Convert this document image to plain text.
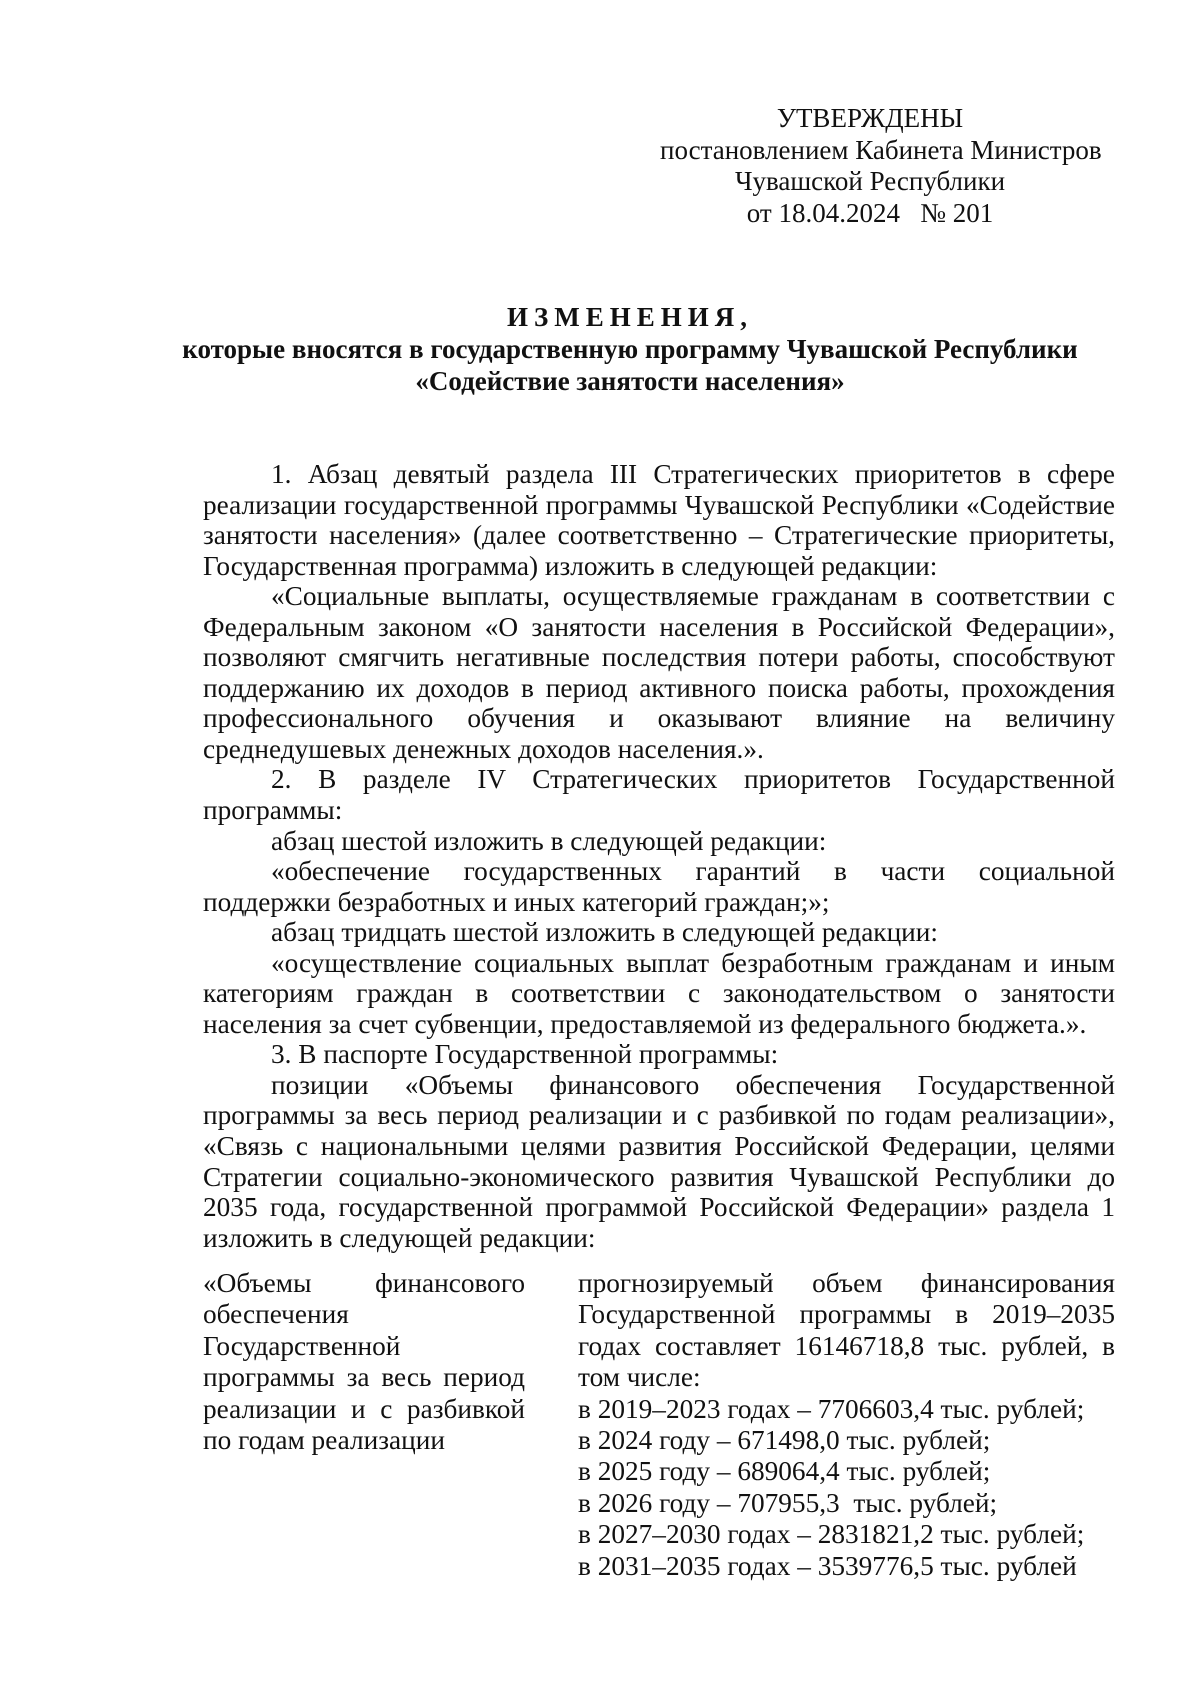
УТВЕРЖДЕНЫ
постановлением Кабинета Министров
Чувашской Республики
от 18.04.2024   № 201
ИЗМЕНЕНИЯ,
которые вносятся в государственную программу Чувашской Республики
«Содействие занятости населения»

1. Абзац девятый раздела III Стратегических приоритетов в сфере реализации государственной программы Чувашской Республики «Содействие занятости населения» (далее соответственно – Стратегические приоритеты, Государственная программа) изложить в следующей редакции:

«Социальные выплаты, осуществляемые гражданам в соответствии с Федеральным законом «О занятости населения в Российской Федерации», позволяют смягчить негативные последствия потери работы, способствуют поддержанию их доходов в период активного поиска работы, прохождения профессионального обучения и оказывают влияние на величину среднедушевых денежных доходов населения.».

2. В разделе IV Стратегических приоритетов Государственной программы:

абзац шестой изложить в следующей редакции:

«обеспечение государственных гарантий в части социальной поддержки безработных и иных категорий граждан;»;

абзац тридцать шестой изложить в следующей редакции:

«осуществление социальных выплат безработным гражданам и иным категориям граждан в соответствии с законодательством о занятости населения за счет субвенции, предоставляемой из федерального бюджета.».

3. В паспорте Государственной программы:

позиции «Объемы финансового обеспечения Государственной программы за весь период реализации и с разбивкой по годам реализации», «Связь с национальными целями развития Российской Федерации, целями Стратегии социально-экономического развития Чувашской Республики до 2035 года, государственной программой Российской Федерации» раздела 1 изложить в следующей редакции:

«Объемы финансового обеспечения Государственной программы за весь период реализации и с разбивкой по годам реализации

прогнозируемый объем финансирования Государственной программы в 2019–2035 годах составляет 16146718,8 тыс. рублей, в том числе:

в 2019–2023 годах – 7706603,4 тыс. рублей;

в 2024 году – 671498,0 тыс. рублей;

в 2025 году – 689064,4 тыс. рублей;

в 2026 году – 707955,3  тыс. рублей;

в 2027–2030 годах – 2831821,2 тыс. рублей;

в 2031–2035 годах – 3539776,5 тыс. рублей
